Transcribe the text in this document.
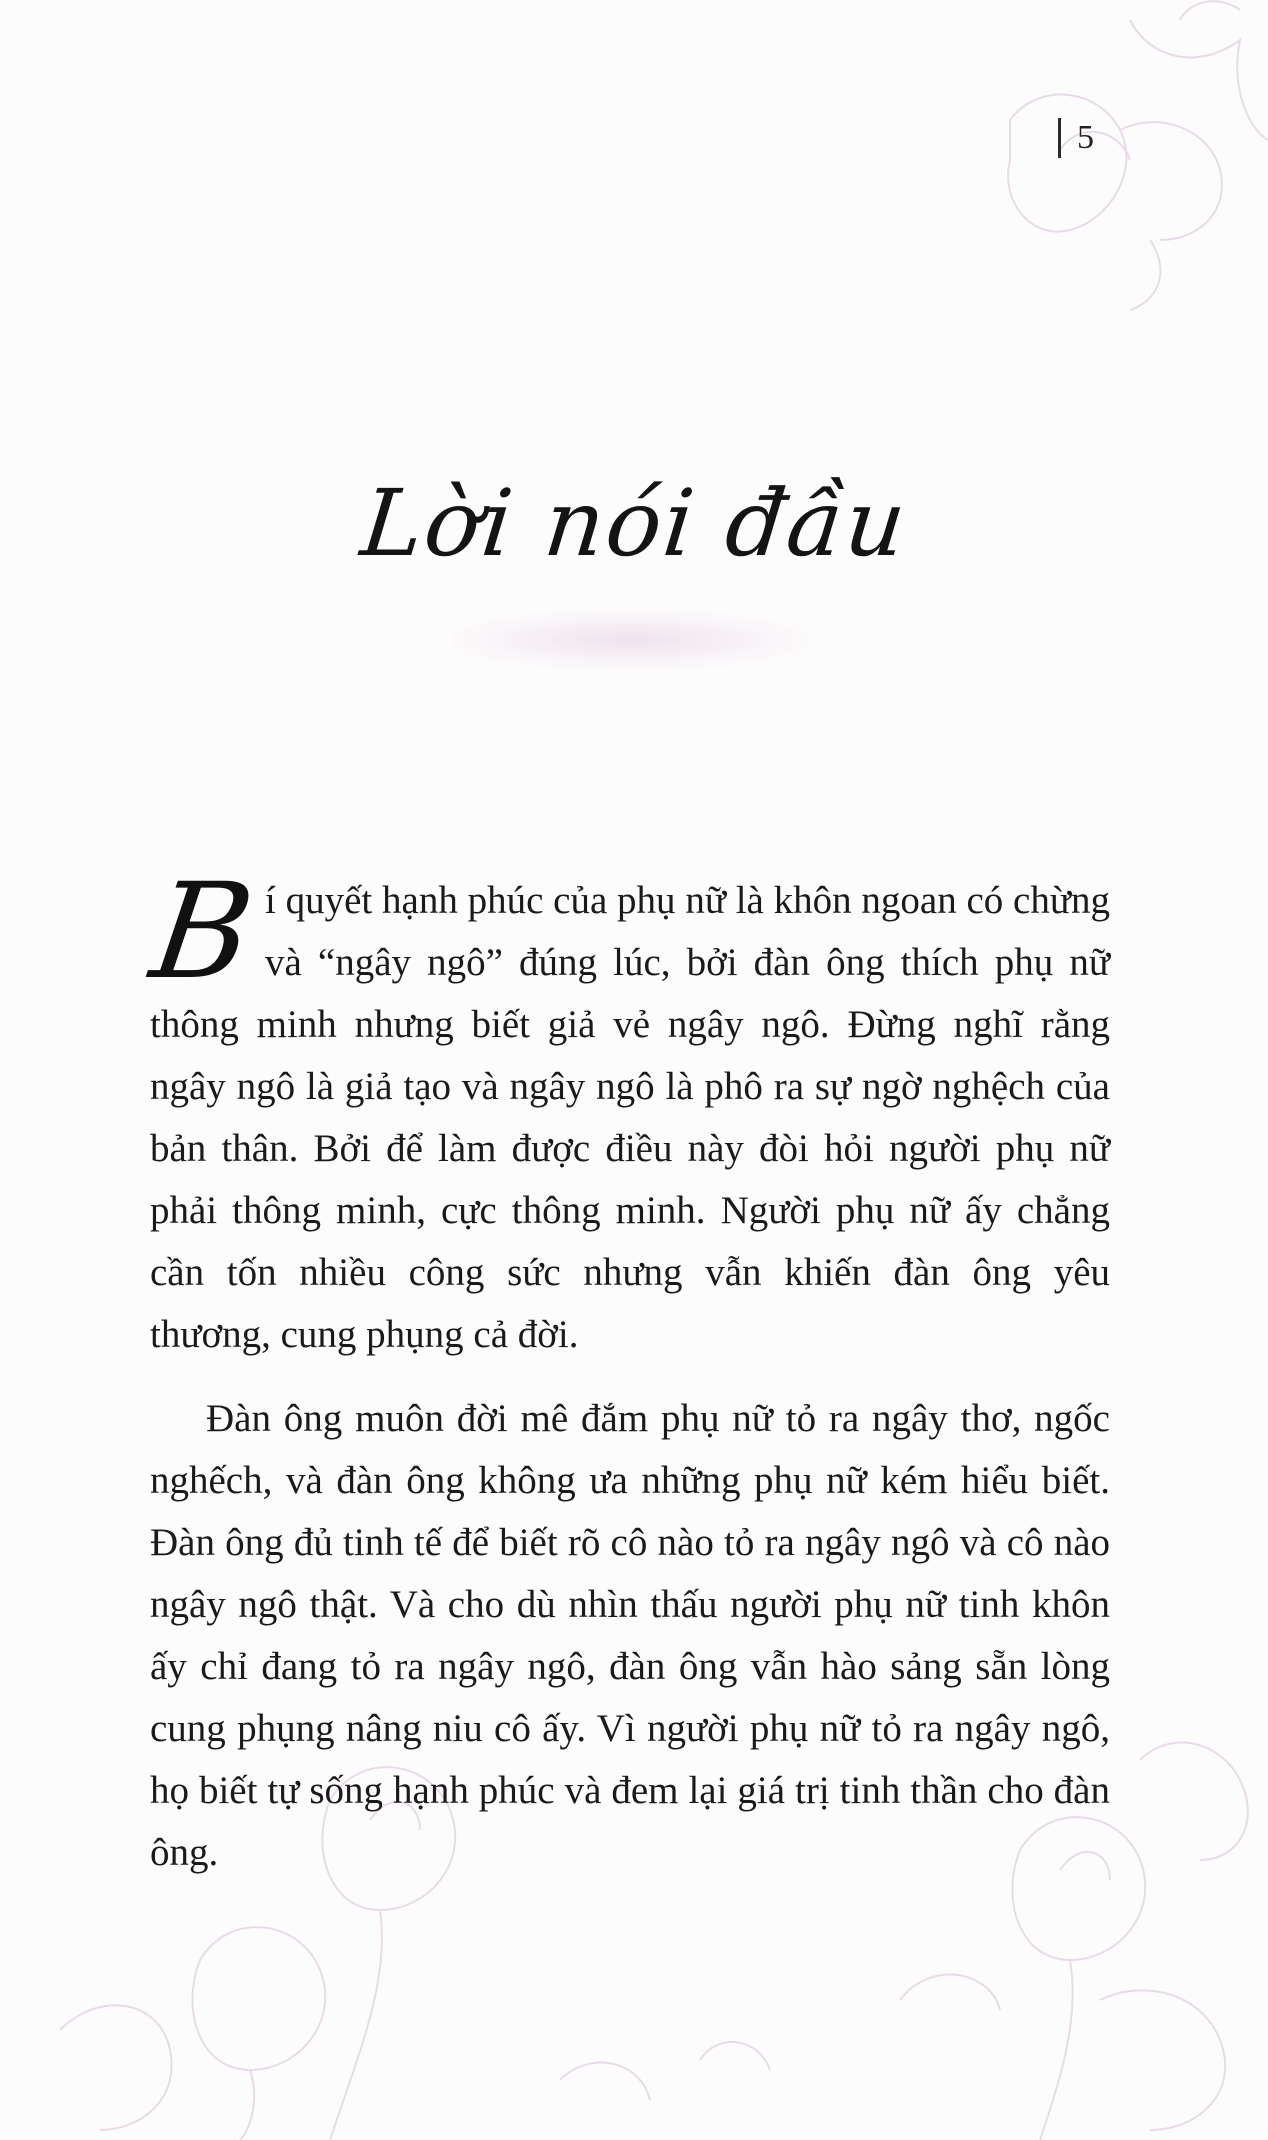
5
Lời nói đầu

B í quyết hạnh phúc của phụ nữ là khôn ngoan có chừng và “ngây ngô” đúng lúc, bởi đàn ông thích phụ nữ thông minh nhưng biết giả vẻ ngây ngô. Đừng nghĩ rằng ngây ngô là giả tạo và ngây ngô là phô ra sự ngờ nghệch của bản thân. Bởi để làm được điều này đòi hỏi người phụ nữ phải thông minh, cực thông minh. Người phụ nữ ấy chẳng cần tốn nhiều công sức nhưng vẫn khiến đàn ông yêu thương, cung phụng cả đời.

Đàn ông muôn đời mê đắm phụ nữ tỏ ra ngây thơ, ngốc nghếch, và đàn ông không ưa những phụ nữ kém hiểu biết. Đàn ông đủ tinh tế để biết rõ cô nào tỏ ra ngây ngô và cô nào ngây ngô thật. Và cho dù nhìn thấu người phụ nữ tinh khôn ấy chỉ đang tỏ ra ngây ngô, đàn ông vẫn hào sảng sẵn lòng cung phụng nâng niu cô ấy. Vì người phụ nữ tỏ ra ngây ngô, họ biết tự sống hạnh phúc và đem lại giá trị tinh thần cho đàn ông.
